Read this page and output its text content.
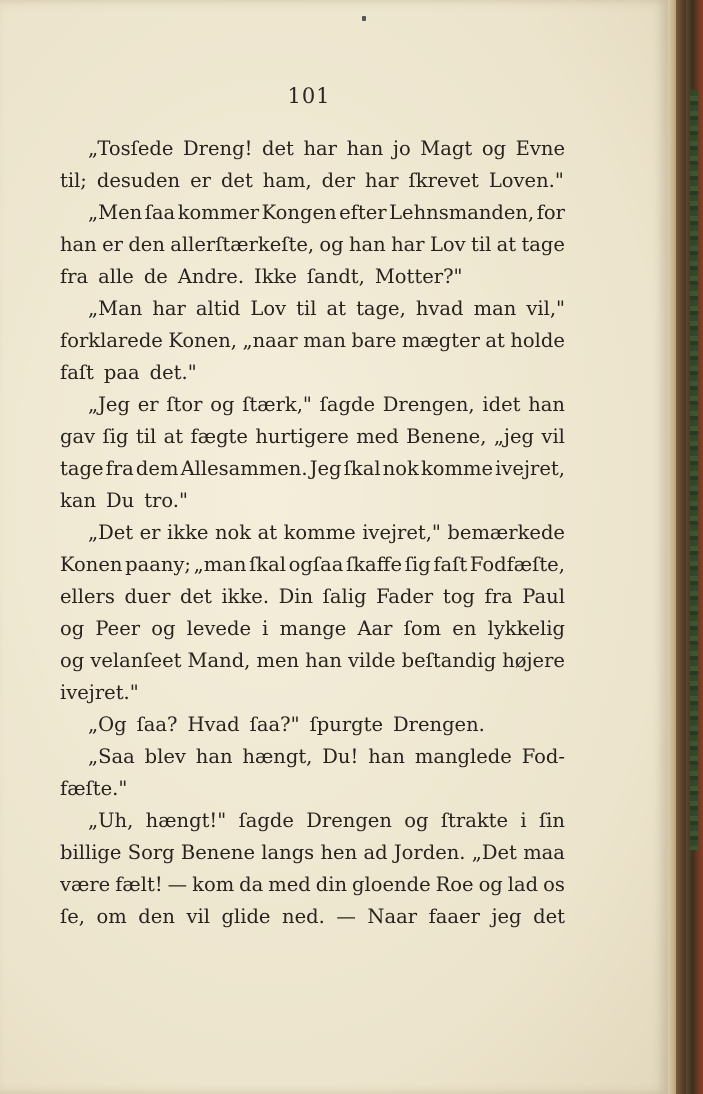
101
„Tosſede Dreng! det har han jo Magt og Evne
til; desuden er det ham, der har ſkrevet Loven."
„Men ſaa kommer Kongen efter Lehnsmanden, for
han er den allerſtærkeſte, og han har Lov til at tage
fra alle de Andre. Ikke ſandt, Motter?"
„Man har altid Lov til at tage, hvad man vil,"
forklarede Konen, „naar man bare mægter at holde
faſt paa det."
„Jeg er ſtor og ſtærk," ſagde Drengen, idet han
gav ſig til at fægte hurtigere med Benene, „jeg vil
tage fra dem Allesammen. Jeg ſkal nok komme ivejret,
kan Du tro."
„Det er ikke nok at komme ivejret," bemærkede
Konen paany; „man ſkal ogſaa ſkaffe ſig faſt Fodfæſte,
ellers duer det ikke. Din ſalig Fader tog fra Paul
og Peer og levede i mange Aar ſom en lykkelig
og velanſeet Mand, men han vilde beſtandig højere
ivejret."
„Og ſaa? Hvad ſaa?" ſpurgte Drengen.
„Saa blev han hængt, Du! han manglede Fod-
fæſte."
„Uh, hængt!" ſagde Drengen og ſtrakte i ſin
billige Sorg Benene langs hen ad Jorden. „Det maa
være fælt! — kom da med din gloende Roe og lad os
ſe, om den vil glide ned. — Naar faaer jeg det
